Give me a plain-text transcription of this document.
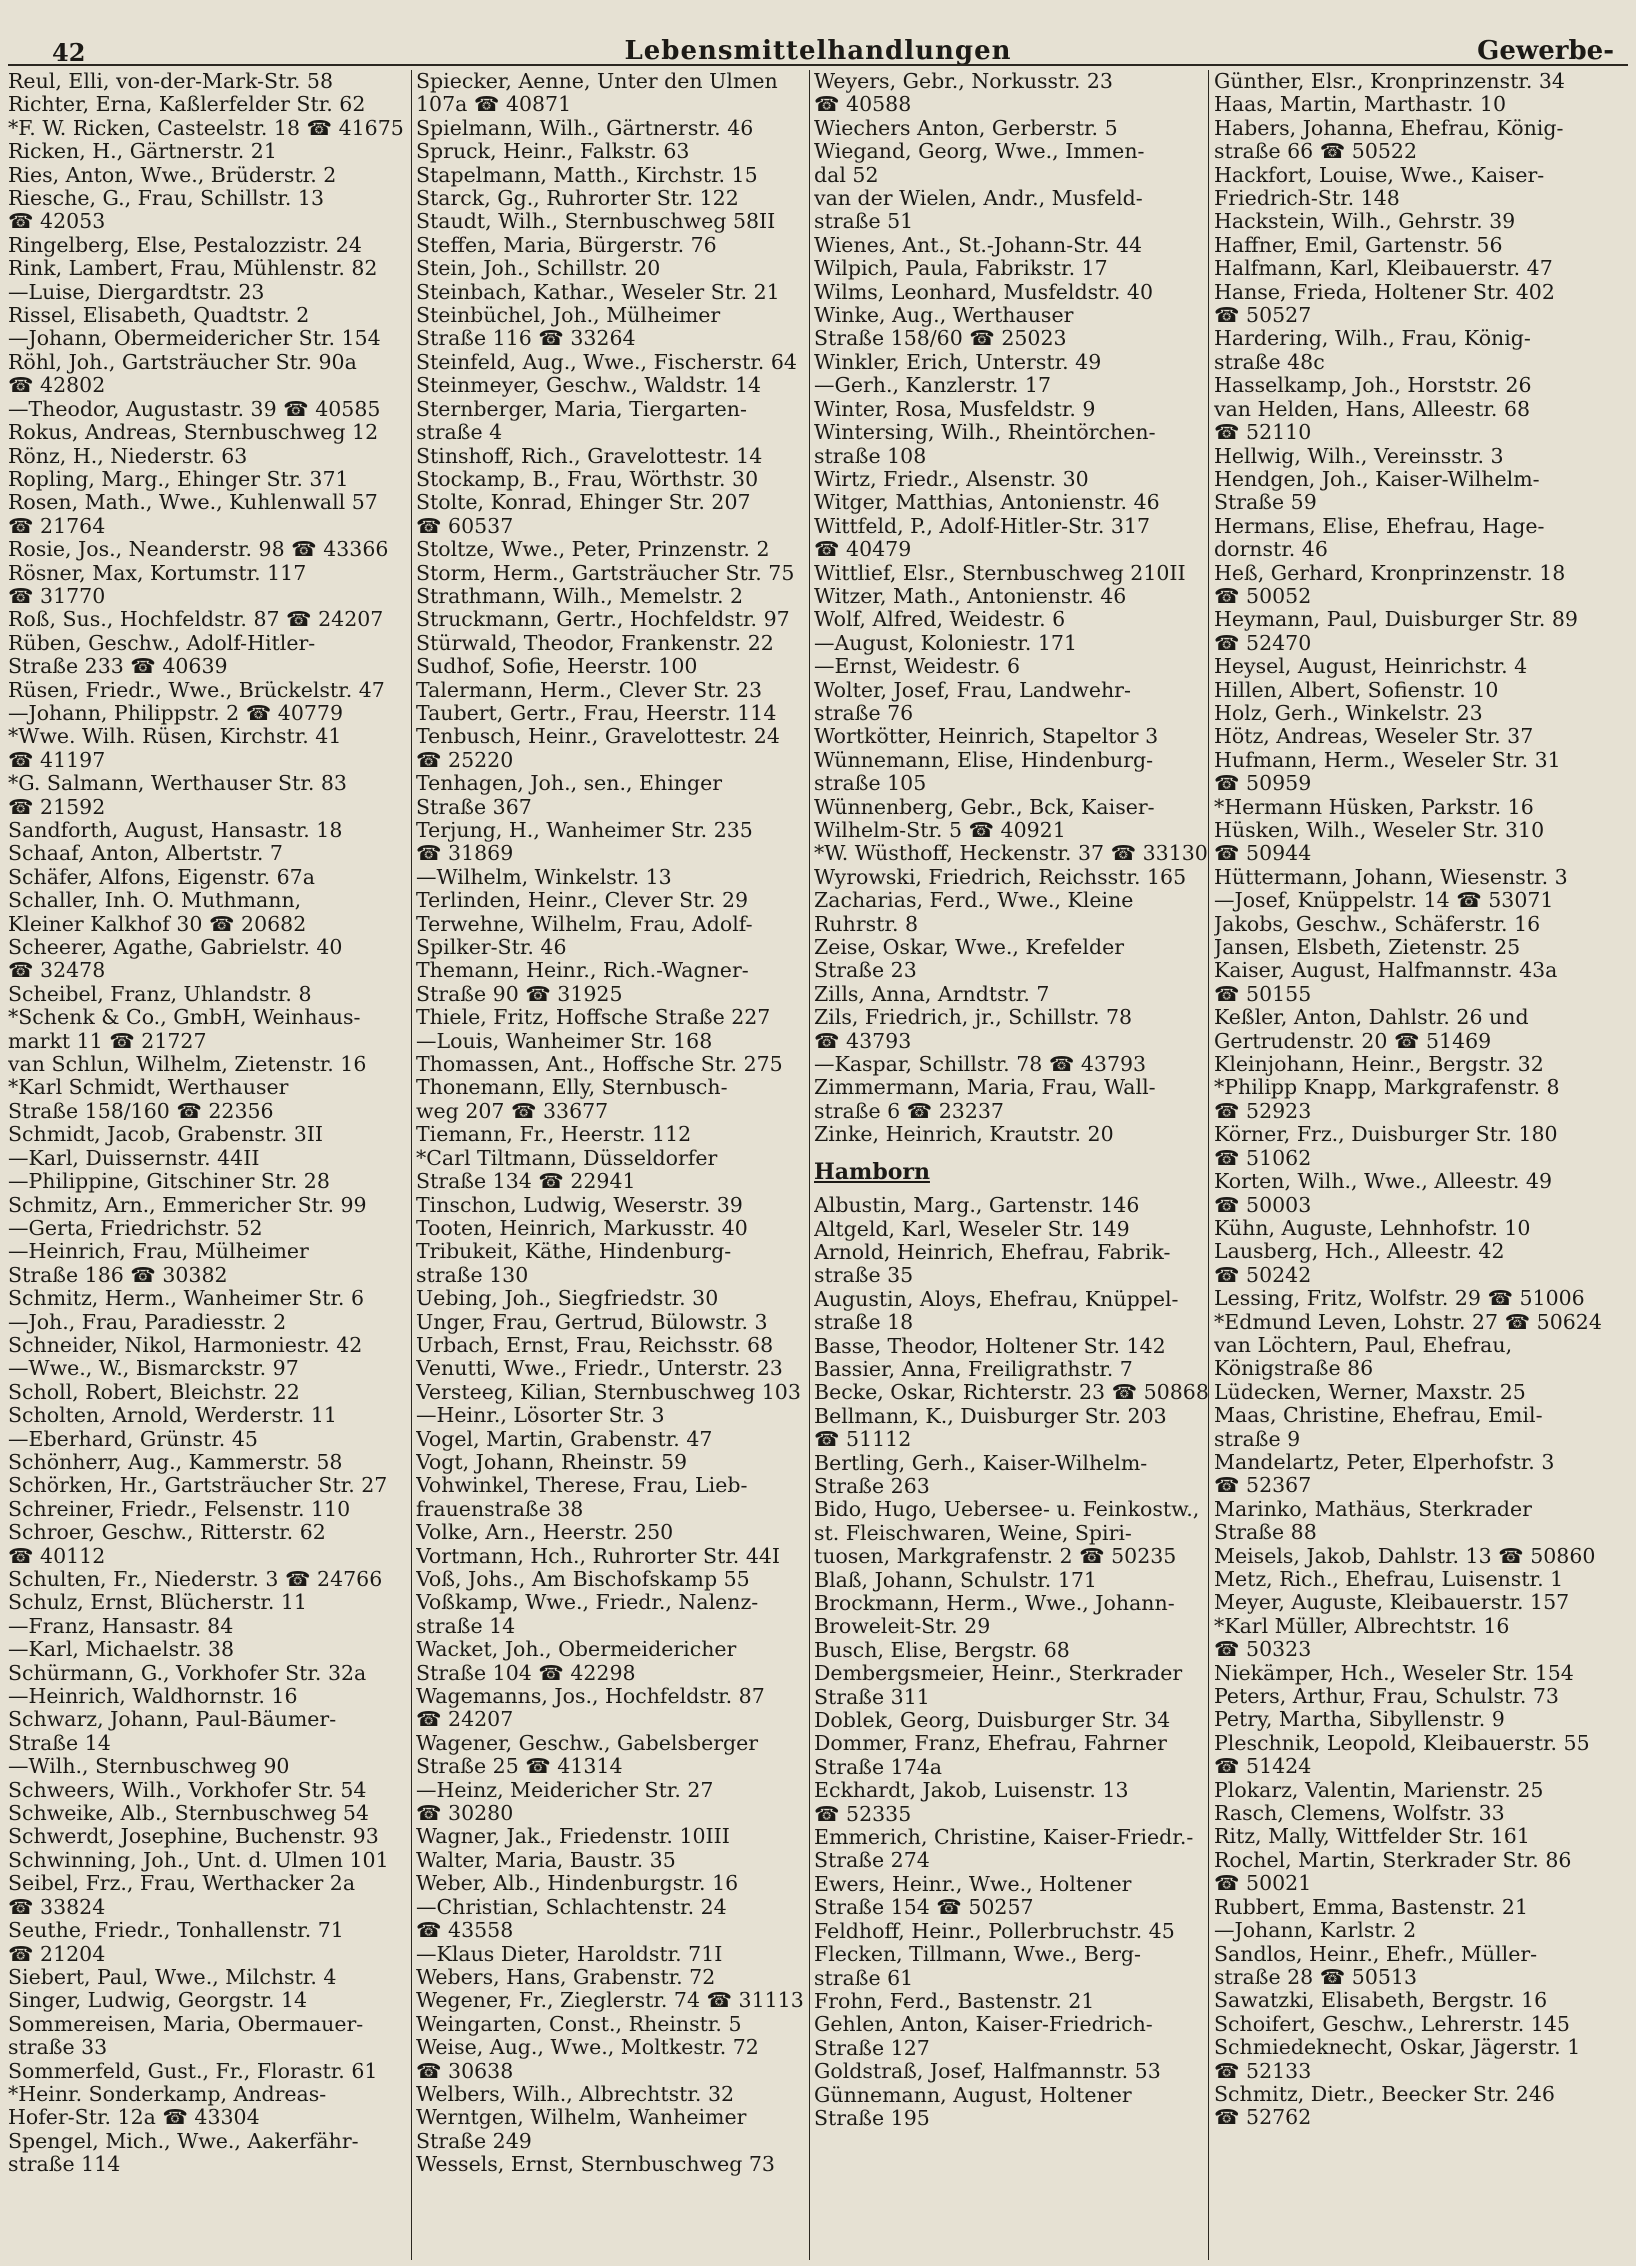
42	Lebensmittelhandlungen	Gewerbe-
Reul, Elli, von-der-Mark-Str. 58
Richter, Erna, Kaßlerfelder Str. 62
*F. W. Ricken, Casteelstr. 18 ☎ 41675
Ricken, H., Gärtnerstr. 21
Ries, Anton, Wwe., Brüderstr. 2
Riesche, G., Frau, Schillstr. 13
☎ 42053
Ringelberg, Else, Pestalozzistr. 24
Rink, Lambert, Frau, Mühlenstr. 82
—Luise, Diergardtstr. 23
Rissel, Elisabeth, Quadtstr. 2
—Johann, Obermeidericher Str. 154
Röhl, Joh., Gartsträucher Str. 90a
☎ 42802
—Theodor, Augustastr. 39 ☎ 40585
Rokus, Andreas, Sternbuschweg 12
Rönz, H., Niederstr. 63
Ropling, Marg., Ehinger Str. 371
Rosen, Math., Wwe., Kuhlenwall 57
☎ 21764
Rosie, Jos., Neanderstr. 98 ☎ 43366
Rösner, Max, Kortumstr. 117
☎ 31770
Roß, Sus., Hochfeldstr. 87 ☎ 24207
Rüben, Geschw., Adolf-Hitler-
Straße 233 ☎ 40639
Rüsen, Friedr., Wwe., Brückelstr. 47
—Johann, Philippstr. 2 ☎ 40779
*Wwe. Wilh. Rüsen, Kirchstr. 41
☎ 41197
*G. Salmann, Werthauser Str. 83
☎ 21592
Sandforth, August, Hansastr. 18
Schaaf, Anton, Albertstr. 7
Schäfer, Alfons, Eigenstr. 67a
Schaller, Inh. O. Muthmann,
Kleiner Kalkhof 30 ☎ 20682
Scheerer, Agathe, Gabrielstr. 40
☎ 32478
Scheibel, Franz, Uhlandstr. 8
*Schenk & Co., GmbH, Weinhaus-
markt 11 ☎ 21727
van Schlun, Wilhelm, Zietenstr. 16
*Karl Schmidt, Werthauser
Straße 158/160 ☎ 22356
Schmidt, Jacob, Grabenstr. 3II
—Karl, Duissernstr. 44II
—Philippine, Gitschiner Str. 28
Schmitz, Arn., Emmericher Str. 99
—Gerta, Friedrichstr. 52
—Heinrich, Frau, Mülheimer
Straße 186 ☎ 30382
Schmitz, Herm., Wanheimer Str. 6
—Joh., Frau, Paradiesstr. 2
Schneider, Nikol, Harmoniestr. 42
—Wwe., W., Bismarckstr. 97
Scholl, Robert, Bleichstr. 22
Scholten, Arnold, Werderstr. 11
—Eberhard, Grünstr. 45
Schönherr, Aug., Kammerstr. 58
Schörken, Hr., Gartsträucher Str. 27
Schreiner, Friedr., Felsenstr. 110
Schroer, Geschw., Ritterstr. 62
☎ 40112
Schulten, Fr., Niederstr. 3 ☎ 24766
Schulz, Ernst, Blücherstr. 11
—Franz, Hansastr. 84
—Karl, Michaelstr. 38
Schürmann, G., Vorkhofer Str. 32a
—Heinrich, Waldhornstr. 16
Schwarz, Johann, Paul-Bäumer-
Straße 14
—Wilh., Sternbuschweg 90
Schweers, Wilh., Vorkhofer Str. 54
Schweike, Alb., Sternbuschweg 54
Schwerdt, Josephine, Buchenstr. 93
Schwinning, Joh., Unt. d. Ulmen 101
Seibel, Frz., Frau, Werthacker 2a
☎ 33824
Seuthe, Friedr., Tonhallenstr. 71
☎ 21204
Siebert, Paul, Wwe., Milchstr. 4
Singer, Ludwig, Georgstr. 14
Sommereisen, Maria, Obermauer-
straße 33
Sommerfeld, Gust., Fr., Florastr. 61
*Heinr. Sonderkamp, Andreas-
Hofer-Str. 12a ☎ 43304
Spengel, Mich., Wwe., Aakerfähr-
straße 114
Spiecker, Aenne, Unter den Ulmen
107a ☎ 40871
Spielmann, Wilh., Gärtnerstr. 46
Spruck, Heinr., Falkstr. 63
Stapelmann, Matth., Kirchstr. 15
Starck, Gg., Ruhrorter Str. 122
Staudt, Wilh., Sternbuschweg 58II
Steffen, Maria, Bürgerstr. 76
Stein, Joh., Schillstr. 20
Steinbach, Kathar., Weseler Str. 21
Steinbüchel, Joh., Mülheimer
Straße 116 ☎ 33264
Steinfeld, Aug., Wwe., Fischerstr. 64
Steinmeyer, Geschw., Waldstr. 14
Sternberger, Maria, Tiergarten-
straße 4
Stinshoff, Rich., Gravelottestr. 14
Stockamp, B., Frau, Wörthstr. 30
Stolte, Konrad, Ehinger Str. 207
☎ 60537
Stoltze, Wwe., Peter, Prinzenstr. 2
Storm, Herm., Gartsträucher Str. 75
Strathmann, Wilh., Memelstr. 2
Struckmann, Gertr., Hochfeldstr. 97
Stürwald, Theodor, Frankenstr. 22
Sudhof, Sofie, Heerstr. 100
Talermann, Herm., Clever Str. 23
Taubert, Gertr., Frau, Heerstr. 114
Tenbusch, Heinr., Gravelottestr. 24
☎ 25220
Tenhagen, Joh., sen., Ehinger
Straße 367
Terjung, H., Wanheimer Str. 235
☎ 31869
—Wilhelm, Winkelstr. 13
Terlinden, Heinr., Clever Str. 29
Terwehne, Wilhelm, Frau, Adolf-
Spilker-Str. 46
Themann, Heinr., Rich.-Wagner-
Straße 90 ☎ 31925
Thiele, Fritz, Hoffsche Straße 227
—Louis, Wanheimer Str. 168
Thomassen, Ant., Hoffsche Str. 275
Thonemann, Elly, Sternbusch-
weg 207 ☎ 33677
Tiemann, Fr., Heerstr. 112
*Carl Tiltmann, Düsseldorfer
Straße 134 ☎ 22941
Tinschon, Ludwig, Weserstr. 39
Tooten, Heinrich, Markusstr. 40
Tribukeit, Käthe, Hindenburg-
straße 130
Uebing, Joh., Siegfriedstr. 30
Unger, Frau, Gertrud, Bülowstr. 3
Urbach, Ernst, Frau, Reichsstr. 68
Venutti, Wwe., Friedr., Unterstr. 23
Versteeg, Kilian, Sternbuschweg 103
—Heinr., Lösorter Str. 3
Vogel, Martin, Grabenstr. 47
Vogt, Johann, Rheinstr. 59
Vohwinkel, Therese, Frau, Lieb-
frauenstraße 38
Volke, Arn., Heerstr. 250
Vortmann, Hch., Ruhrorter Str. 44I
Voß, Johs., Am Bischofskamp 55
Voßkamp, Wwe., Friedr., Nalenz-
straße 14
Wacket, Joh., Obermeidericher
Straße 104 ☎ 42298
Wagemanns, Jos., Hochfeldstr. 87
☎ 24207
Wagener, Geschw., Gabelsberger
Straße 25 ☎ 41314
—Heinz, Meidericher Str. 27
☎ 30280
Wagner, Jak., Friedenstr. 10III
Walter, Maria, Baustr. 35
Weber, Alb., Hindenburgstr. 16
—Christian, Schlachtenstr. 24
☎ 43558
—Klaus Dieter, Haroldstr. 71I
Webers, Hans, Grabenstr. 72
Wegener, Fr., Zieglerstr. 74 ☎ 31113
Weingarten, Const., Rheinstr. 5
Weise, Aug., Wwe., Moltkestr. 72
☎ 30638
Welbers, Wilh., Albrechtstr. 32
Werntgen, Wilhelm, Wanheimer
Straße 249
Wessels, Ernst, Sternbuschweg 73
Weyers, Gebr., Norkusstr. 23
☎ 40588
Wiechers Anton, Gerberstr. 5
Wiegand, Georg, Wwe., Immen-
dal 52
van der Wielen, Andr., Musfeld-
straße 51
Wienes, Ant., St.-Johann-Str. 44
Wilpich, Paula, Fabrikstr. 17
Wilms, Leonhard, Musfeldstr. 40
Winke, Aug., Werthauser
Straße 158/60 ☎ 25023
Winkler, Erich, Unterstr. 49
—Gerh., Kanzlerstr. 17
Winter, Rosa, Musfeldstr. 9
Wintersing, Wilh., Rheintörchen-
straße 108
Wirtz, Friedr., Alsenstr. 30
Witger, Matthias, Antonienstr. 46
Wittfeld, P., Adolf-Hitler-Str. 317
☎ 40479
Wittlief, Elsr., Sternbuschweg 210II
Witzer, Math., Antonienstr. 46
Wolf, Alfred, Weidestr. 6
—August, Koloniestr. 171
—Ernst, Weidestr. 6
Wolter, Josef, Frau, Landwehr-
straße 76
Wortkötter, Heinrich, Stapeltor 3
Wünnemann, Elise, Hindenburg-
straße 105
Wünnenberg, Gebr., Bck, Kaiser-
Wilhelm-Str. 5 ☎ 40921
*W. Wüsthoff, Heckenstr. 37 ☎ 33130
Wyrowski, Friedrich, Reichsstr. 165
Zacharias, Ferd., Wwe., Kleine
Ruhrstr. 8
Zeise, Oskar, Wwe., Krefelder
Straße 23
Zills, Anna, Arndtstr. 7
Zils, Friedrich, jr., Schillstr. 78
☎ 43793
—Kaspar, Schillstr. 78 ☎ 43793
Zimmermann, Maria, Frau, Wall-
straße 6 ☎ 23237
Zinke, Heinrich, Krautstr. 20
Hamborn
Albustin, Marg., Gartenstr. 146
Altgeld, Karl, Weseler Str. 149
Arnold, Heinrich, Ehefrau, Fabrik-
straße 35
Augustin, Aloys, Ehefrau, Knüppel-
straße 18
Basse, Theodor, Holtener Str. 142
Bassier, Anna, Freiligrathstr. 7
Becke, Oskar, Richterstr. 23 ☎ 50868
Bellmann, K., Duisburger Str. 203
☎ 51112
Bertling, Gerh., Kaiser-Wilhelm-
Straße 263
Bido, Hugo, Uebersee- u. Feinkostw.,
st. Fleischwaren, Weine, Spiri-
tuosen, Markgrafenstr. 2 ☎ 50235
Blaß, Johann, Schulstr. 171
Brockmann, Herm., Wwe., Johann-
Broweleit-Str. 29
Busch, Elise, Bergstr. 68
Dembergsmeier, Heinr., Sterkrader
Straße 311
Doblek, Georg, Duisburger Str. 34
Dommer, Franz, Ehefrau, Fahrner
Straße 174a
Eckhardt, Jakob, Luisenstr. 13
☎ 52335
Emmerich, Christine, Kaiser-Friedr.-
Straße 274
Ewers, Heinr., Wwe., Holtener
Straße 154 ☎ 50257
Feldhoff, Heinr., Pollerbruchstr. 45
Flecken, Tillmann, Wwe., Berg-
straße 61
Frohn, Ferd., Bastenstr. 21
Gehlen, Anton, Kaiser-Friedrich-
Straße 127
Goldstraß, Josef, Halfmannstr. 53
Günnemann, August, Holtener
Straße 195
Günther, Elsr., Kronprinzenstr. 34
Haas, Martin, Marthastr. 10
Habers, Johanna, Ehefrau, König-
straße 66 ☎ 50522
Hackfort, Louise, Wwe., Kaiser-
Friedrich-Str. 148
Hackstein, Wilh., Gehrstr. 39
Haffner, Emil, Gartenstr. 56
Halfmann, Karl, Kleibauerstr. 47
Hanse, Frieda, Holtener Str. 402
☎ 50527
Hardering, Wilh., Frau, König-
straße 48c
Hasselkamp, Joh., Horststr. 26
van Helden, Hans, Alleestr. 68
☎ 52110
Hellwig, Wilh., Vereinsstr. 3
Hendgen, Joh., Kaiser-Wilhelm-
Straße 59
Hermans, Elise, Ehefrau, Hage-
dornstr. 46
Heß, Gerhard, Kronprinzenstr. 18
☎ 50052
Heymann, Paul, Duisburger Str. 89
☎ 52470
Heysel, August, Heinrichstr. 4
Hillen, Albert, Sofienstr. 10
Holz, Gerh., Winkelstr. 23
Hötz, Andreas, Weseler Str. 37
Hufmann, Herm., Weseler Str. 31
☎ 50959
*Hermann Hüsken, Parkstr. 16
Hüsken, Wilh., Weseler Str. 310
☎ 50944
Hüttermann, Johann, Wiesenstr. 3
—Josef, Knüppelstr. 14 ☎ 53071
Jakobs, Geschw., Schäferstr. 16
Jansen, Elsbeth, Zietenstr. 25
Kaiser, August, Halfmannstr. 43a
☎ 50155
Keßler, Anton, Dahlstr. 26 und
Gertrudenstr. 20 ☎ 51469
Kleinjohann, Heinr., Bergstr. 32
*Philipp Knapp, Markgrafenstr. 8
☎ 52923
Körner, Frz., Duisburger Str. 180
☎ 51062
Korten, Wilh., Wwe., Alleestr. 49
☎ 50003
Kühn, Auguste, Lehnhofstr. 10
Lausberg, Hch., Alleestr. 42
☎ 50242
Lessing, Fritz, Wolfstr. 29 ☎ 51006
*Edmund Leven, Lohstr. 27 ☎ 50624
van Löchtern, Paul, Ehefrau,
Königstraße 86
Lüdecken, Werner, Maxstr. 25
Maas, Christine, Ehefrau, Emil-
straße 9
Mandelartz, Peter, Elperhofstr. 3
☎ 52367
Marinko, Mathäus, Sterkrader
Straße 88
Meisels, Jakob, Dahlstr. 13 ☎ 50860
Metz, Rich., Ehefrau, Luisenstr. 1
Meyer, Auguste, Kleibauerstr. 157
*Karl Müller, Albrechtstr. 16
☎ 50323
Niekämper, Hch., Weseler Str. 154
Peters, Arthur, Frau, Schulstr. 73
Petry, Martha, Sibyllenstr. 9
Pleschnik, Leopold, Kleibauerstr. 55
☎ 51424
Plokarz, Valentin, Marienstr. 25
Rasch, Clemens, Wolfstr. 33
Ritz, Mally, Wittfelder Str. 161
Rochel, Martin, Sterkrader Str. 86
☎ 50021
Rubbert, Emma, Bastenstr. 21
—Johann, Karlstr. 2
Sandlos, Heinr., Ehefr., Müller-
straße 28 ☎ 50513
Sawatzki, Elisabeth, Bergstr. 16
Schoifert, Geschw., Lehrerstr. 145
Schmiedeknecht, Oskar, Jägerstr. 1
☎ 52133
Schmitz, Dietr., Beecker Str. 246
☎ 52762
